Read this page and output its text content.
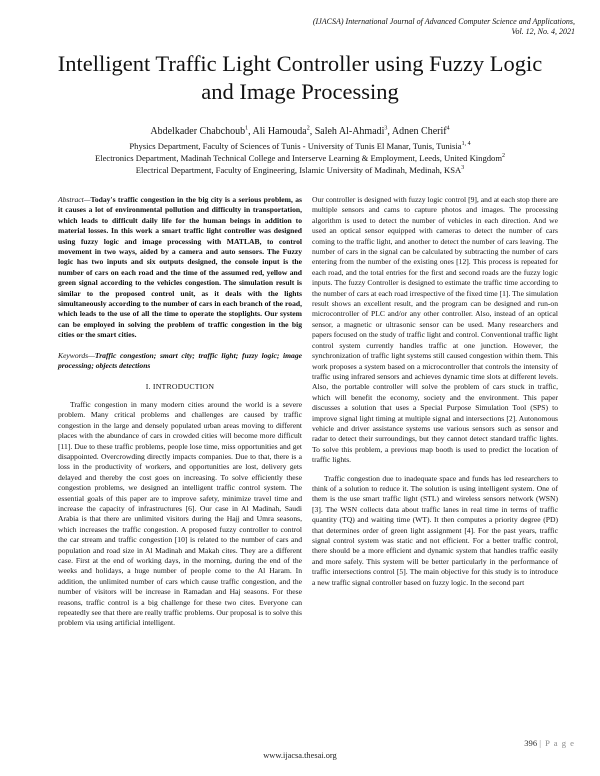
(IJACSA) International Journal of Advanced Computer Science and Applications,
Vol. 12, No. 4, 2021
Intelligent Traffic Light Controller using Fuzzy Logic
and Image Processing
Abdelkader Chabchoub$^1$, Ali Hamouda$^2$, Saleh Al-Ahmadi$^3$, Adnen Cherif$^4$
Physics Department, Faculty of Sciences of Tunis - University of Tunis El Manar, Tunis, Tunisia$^{1, 4}$
Electronics Department, Madinah Technical College and Interserve Learning & Employment, Leeds, United Kingdom$^2$
Electrical Department, Faculty of Engineering, Islamic University of Madinah, Medinah, KSA$^3$

Abstract—Today's traffic congestion in the big city is a serious problem, as it causes a lot of environmental pollution and difficulty in transportation, which leads to difficult daily life for the human beings in addition to material losses. In this work a smart traffic light controller was designed using fuzzy logic and image processing with MATLAB, to control movement in two ways, aided by a camera and auto sensors. The Fuzzy logic has two inputs and six outputs designed, the console input is the number of cars on each road and the time of the assumed red, yellow and green signal according to the vehicles congestion. The simulation result is similar to the proposed control unit, as it deals with the lights simultaneously according to the number of cars in each branch of the road, which leads to the use of all the time to operate the stoplights. Our system can be employed in solving the problem of traffic congestion in the big cities or the smart cities.

Keywords—Traffic congestion; smart city; traffic light; fuzzy logic; image processing; objects detections

I. INTRODUCTION

Traffic congestion in many modern cities around the world is a severe problem. Many critical problems and challenges are caused by traffic congestion in the large and densely populated urban areas moving to different places with the abundance of cars in crowded cities will become more difficult [11]. Due to these traffic problems, people lose time, miss opportunities and get disappointed. Overcrowding directly impacts companies. Due to that, there is a loss in the productivity of workers, and opportunities are lost, delivery gets delayed and thereby the cost goes on increasing. To solve efficiently these congestion problems, we designed an intelligent traffic control system. The essential goals of this paper are to improve safety, minimize travel time and increase the capacity of infrastructures [6]. Our case in Al Madinah, Saudi Arabia is that there are unlimited visitors during the Hajj and Umra seasons, which increases the traffic congestion. A proposed fuzzy controller to control the car stream and traffic congestion [10] is related to the number of cars and population and road size in Al Madinah and Makah cites. They are a different case. First at the end of working days, in the morning, during the end of the weeks and holidays, a huge number of people come to the Al Haram. In addition, the unlimited number of cars which cause traffic congestion, and the number of visitors will be increase in Ramadan and Haj seasons. For these reasons, traffic control is a big challenge for these two cites. Everyone can repeatedly see that there are really traffic problems. Our proposal is to solve this problem via using artificial intelligent.

Our controller is designed with fuzzy logic control [9], and at each stop there are multiple sensors and cams to capture photos and images. The processing algorithm is used to detect the number of vehicles in each direction. And we used an optical sensor equipped with cameras to detect the number of cars coming to the traffic light, and another to detect the number of cars leaving. The number of cars in the signal can be calculated by subtracting the number of cars entering from the number of the existing ones [12]. This process is repeated for each road, and the total entries for the first and second roads are the fuzzy logic inputs. The fuzzy Controller is designed to estimate the traffic time according to the number of cars at each road irrespective of the fixed time [1]. The simulation result shows an excellent result, and the program can be designed and run-on microcontroller of PLC and/or any other controller. Also, instead of an optical sensor, a magnetic or ultrasonic sensor can be used. Many researchers and papers focused on the study of traffic light and control. Conventional traffic light control system currently handles traffic at one junction. However, the synchronization of traffic light systems still caused congestion within them. This work proposes a system based on a microcontroller that controls the intensity of traffic using infrared sensors and achieves dynamic time slots at different levels. Also, the portable controller will solve the problem of cars stuck in traffic, which will benefit the economy, society and the environment. This paper discusses a solution that uses a Special Purpose Simulation Tool (SPS) to improve signal light timing at multiple signal and intersections [2]. Autonomous vehicle and driver assistance systems use various sensors such as sensor and radar to detect their surroundings, but they cannot detect standard traffic lights. To solve this problem, a previous map booth is used to predict the location of traffic lights.

Traffic congestion due to inadequate space and funds has led researchers to think of a solution to reduce it. The solution is using intelligent system. One of them is the use smart traffic light (STL) and wireless sensors network (WSN) [3]. The WSN collects data about traffic lanes in real time in terms of traffic quantity (TQ) and waiting time (WT). It then computes a priority degree (PD) that determines order of green light assignment [4]. For the past years, traffic signal control system was static and not efficient. For a better traffic control, there should be a more efficient and dynamic system that handles traffic easily and more safely. This system will be better particularly in the performance of traffic intersections control [5]. The main objective for this study is to introduce a new traffic signal controller based on fuzzy logic. In the second part

396 | P a g e
www.ijacsa.thesai.org
